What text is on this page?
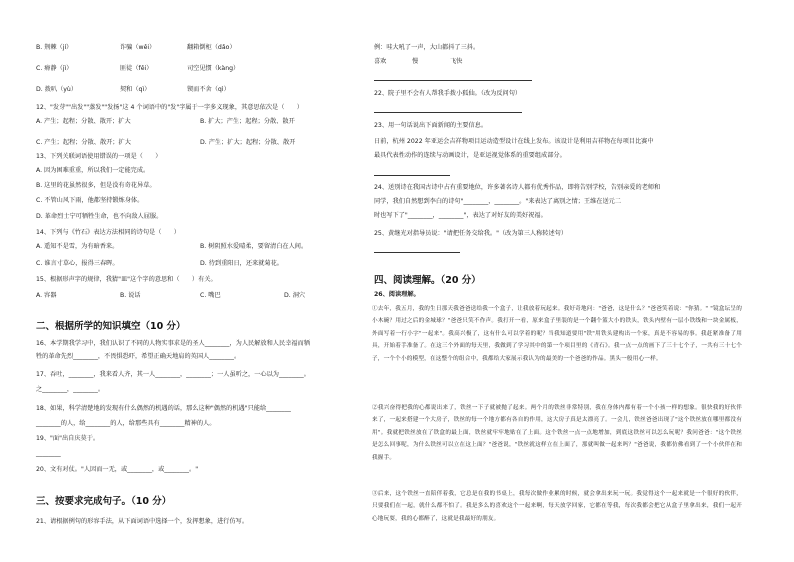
B. 荆棘（jí）	诈骗（wěi）	翻箱倒柜（dǎo）
C. 瘠静（jì）	匪徒（fěi）	司空见惯（kàng）
D. 拨叭（yù）	契和（qì）	锲而不舍（qì）
12、"发芽""出发""蒸发""发扬"这 4 个词语中的"发"字属于一字多义现象，其意思依次是（　　）
A. 产生；起程；分散、散开；扩大	B. 扩大；产生；起程；分散、散开
C. 产生；起程；分散、散开；扩大	D. 产生；扩大；起程；分散、散开
13、下列关联词语使用错误的一项是（　　）
A. 因为困难重重，所以我们一定能完成。
B. 这里的花虽然很多，但是没有奇花异草。
C. 不管山风下雨，他都坚持锻炼身体。
D. 革命烈士宁可牺牲生命，也不向敌人屈服。
14、下列与《竹石》表达方法相同的诗句是（　　）
A. 遥知不是雪，为有暗香来。	B. 树阴照水爱晴柔，要留清白在人间。
C. 谁言寸草心，报得三春晖。	D. 待到重阳日，还来就菊花。
15、根据形声字的规律，我猜"皿"这个字的意思和（　　）有关。
A. 容器	B. 说话	C. 嘴巴	D. 洞穴
二、根据所学的知识填空（10 分）
16、本学期我学习中，我们认识了不同的人物实事求是的圣人________，为人民解放和人民幸福而牺
牲的革命先烈________，不畏惧恐吓，希望正确天地肩的英国人________。
17、吞吐，________，我来看人齐，其一人________，________；一人虽听之，一心以为________。
之________，________。
18、如果，科学清楚地的发现有什么偶然的机遇的话，那么这种"偶然的机遇"只能给________
________的人，给________的人，给那些具有________精神的人。
19、"面"出自庆莫于。
________
20、文有对仗。"人因而一无，或________，或________。"
三、按要求完成句子。（10 分）
21、请根据例句的形容手法，从下面词语中选择一个，发挥想象，进行仿写。
例：哇大吼了一声，大山都抖了三抖。
喜欢	慢	飞快
22、院子里不会有人帮我手拨小狐仙。（改为反问句）
23、用一句话说出下面新闻的主要信息。
日前，杭州 2022 年亚运会吉祥物项目运动造型设计在线上发布。该设计是利用吉祥物在每项目比赛中
最具代表性动作的连续与动画设计，是亚运视觉体系的重要组成部分。
24、送别诗在我国古诗中占有重要地位，许多著名诗人都有优秀作品，即将告别学校，告别亲爱的老师和
同学，我们自然想到李白的诗句"________，________。"来表达了离别之情；王维在送元二
时也写下了"________，________"，表达了对好友的美好祝福。
25、黄继光对指导员说："请把任务交给我。"（改为第三人称转述句）
四、阅读理解。（20 分）
26、阅读理解。
①去年，我五月，我的生日那天我爸爸送给我一个盒子，让我放着玩起来。我好奇地问："爸爸，这是什么？"爸爸笑着说："你猜。" "镜盒坛呈的小木碗？用过之后的金城球？"爸爸只笑不作声。我打开一看，原来盒子里装的是一个翻个篮大小的铁头，铁头内壁有一层小铁线和一块金属板，外面写着一行小字"一起来"。我高兴极了，这有什么可以学着的呢？当我知道要用"铁"用铁头建构出一个家，真是不容易的事。我赶紧准备了用具，开始着手准备了。在这三个外面的每天里，我做到了学习其中的第一个项目里的《青石》。我一点一点的画下了三十七个子，一共有三十七个子，一个个小的模型，在这整个的组合中，我都给大家展示我认为的最美的一个爸爸的作品。黑头一般用心一样。
②我兴奋得把我的心都说出来了，铁丝一下子就被抛了起来。两个月的铁丝非常特别，我在身体内都有着一个小孩一样的想象。很快我的好伙伴来了，一起来搭建一个大房子，铁丝的每一个地方都有各自的作用，这大房子真是太漂亮了。一会儿，铁丝爸爸出现了"这个铁丝放在哪里都没有用"。我就把铁丝放在了铁盒的最上面，铁丝就牢牢地贴在了上面。这个铁丝一点一点地增加，到底这铁丝可以怎么玩呢？我问爸爸："这个铁丝是怎么回事呢，为什么铁丝可以立在这上面？"爸爸说，"铁丝就这样立在上面了，那就叫做一起来吗？"爸爸说，我都仿佛看到了一个小伙伴在和我握手。
③后来，这个铁丝一直陪伴着我，它总是在我的书桌上，我每次做作业累的时候，就会拿出来玩一玩。我觉得这个一起来就是一个很好的伙伴，只要我们在一起，就什么都不怕了。我是多么的喜欢这个一起来啊，每天放学回家，它都在等我，每次我都会把它从盒子里拿出来，我们一起开心地玩耍，我的心都醉了，这就是我最好的朋友。
